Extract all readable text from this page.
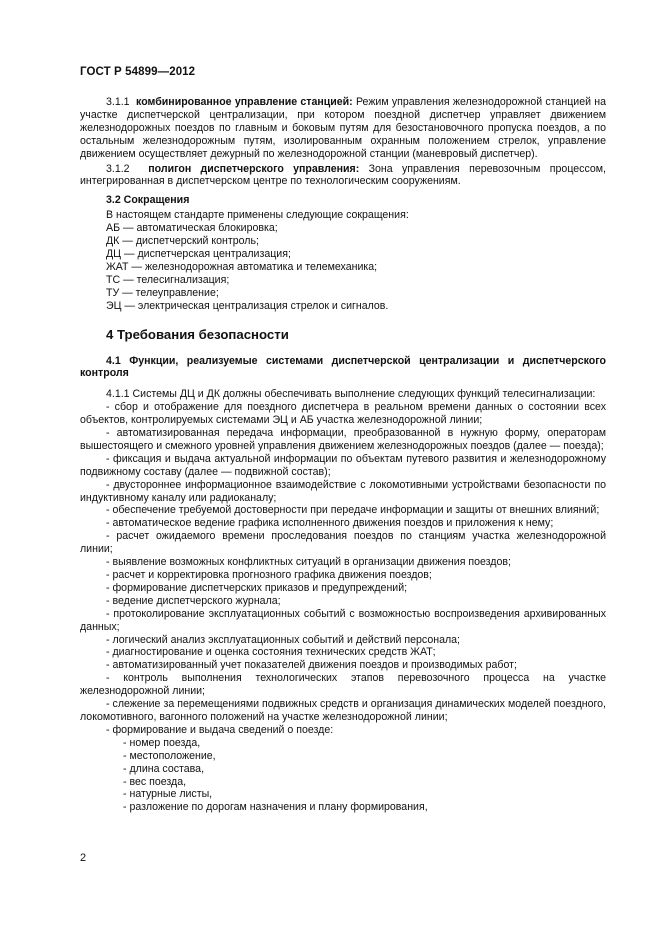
ГОСТ Р 54899—2012

3.1.1 комбинированное управление станцией: Режим управления железнодорожной станцией на участке диспетчерской централизации, при котором поездной диспетчер управляет движением железнодорожных поездов по главным и боковым путям для безостановочного пропуска поездов, а по остальным железнодорожным путям, изолированным охранным положением стрелок, управление движением осуществляет дежурный по железнодорожной станции (маневровый диспетчер).

3.1.2 полигон диспетчерского управления: Зона управления перевозочным процессом, интегрированная в диспетчерском центре по технологическим сооружениям.

3.2 Сокращения

В настоящем стандарте применены следующие сокращения:

АБ — автоматическая блокировка;

ДК — диспетчерский контроль;

ДЦ — диспетчерская централизация;

ЖАТ — железнодорожная автоматика и телемеханика;

ТС — телесигнализация;

ТУ — телеуправление;

ЭЦ — электрическая централизация стрелок и сигналов.

4 Требования безопасности

4.1 Функции, реализуемые системами диспетчерской централизации и диспетчерского контроля

4.1.1 Системы ДЦ и ДК должны обеспечивать выполнение следующих функций телесигнализации:

- сбор и отображение для поездного диспетчера в реальном времени данных о состоянии всех объектов, контролируемых системами ЭЦ и АБ участка железнодорожной линии;

- автоматизированная передача информации, преобразованной в нужную форму, операторам вышестоящего и смежного уровней управления движением железнодорожных поездов (далее — поезда);

- фиксация и выдача актуальной информации по объектам путевого развития и железнодорожному подвижному составу (далее — подвижной состав);

- двустороннее информационное взаимодействие с локомотивными устройствами безопасности по индуктивному каналу или радиоканалу;

- обеспечение требуемой достоверности при передаче информации и защиты от внешних влияний;

- автоматическое ведение графика исполненного движения поездов и приложения к нему;

- расчет ожидаемого времени проследования поездов по станциям участка железнодорожной линии;

- выявление возможных конфликтных ситуаций в организации движения поездов;

- расчет и корректировка прогнозного графика движения поездов;

- формирование диспетчерских приказов и предупреждений;

- ведение диспетчерского журнала;

- протоколирование эксплуатационных событий с возможностью воспроизведения архивированных данных;

- логический анализ эксплуатационных событий и действий персонала;

- диагностирование и оценка состояния технических средств ЖАТ;

- автоматизированный учет показателей движения поездов и производимых работ;

- контроль выполнения технологических этапов перевозочного процесса на участке железнодорожной линии;

- слежение за перемещениями подвижных средств и организация динамических моделей поездного, локомотивного, вагонного положений на участке железнодорожной линии;

- формирование и выдача сведений о поезде:

- номер поезда,

- местоположение,

- длина состава,

- вес поезда,

- натурные листы,

- разложение по дорогам назначения и плану формирования,

2
